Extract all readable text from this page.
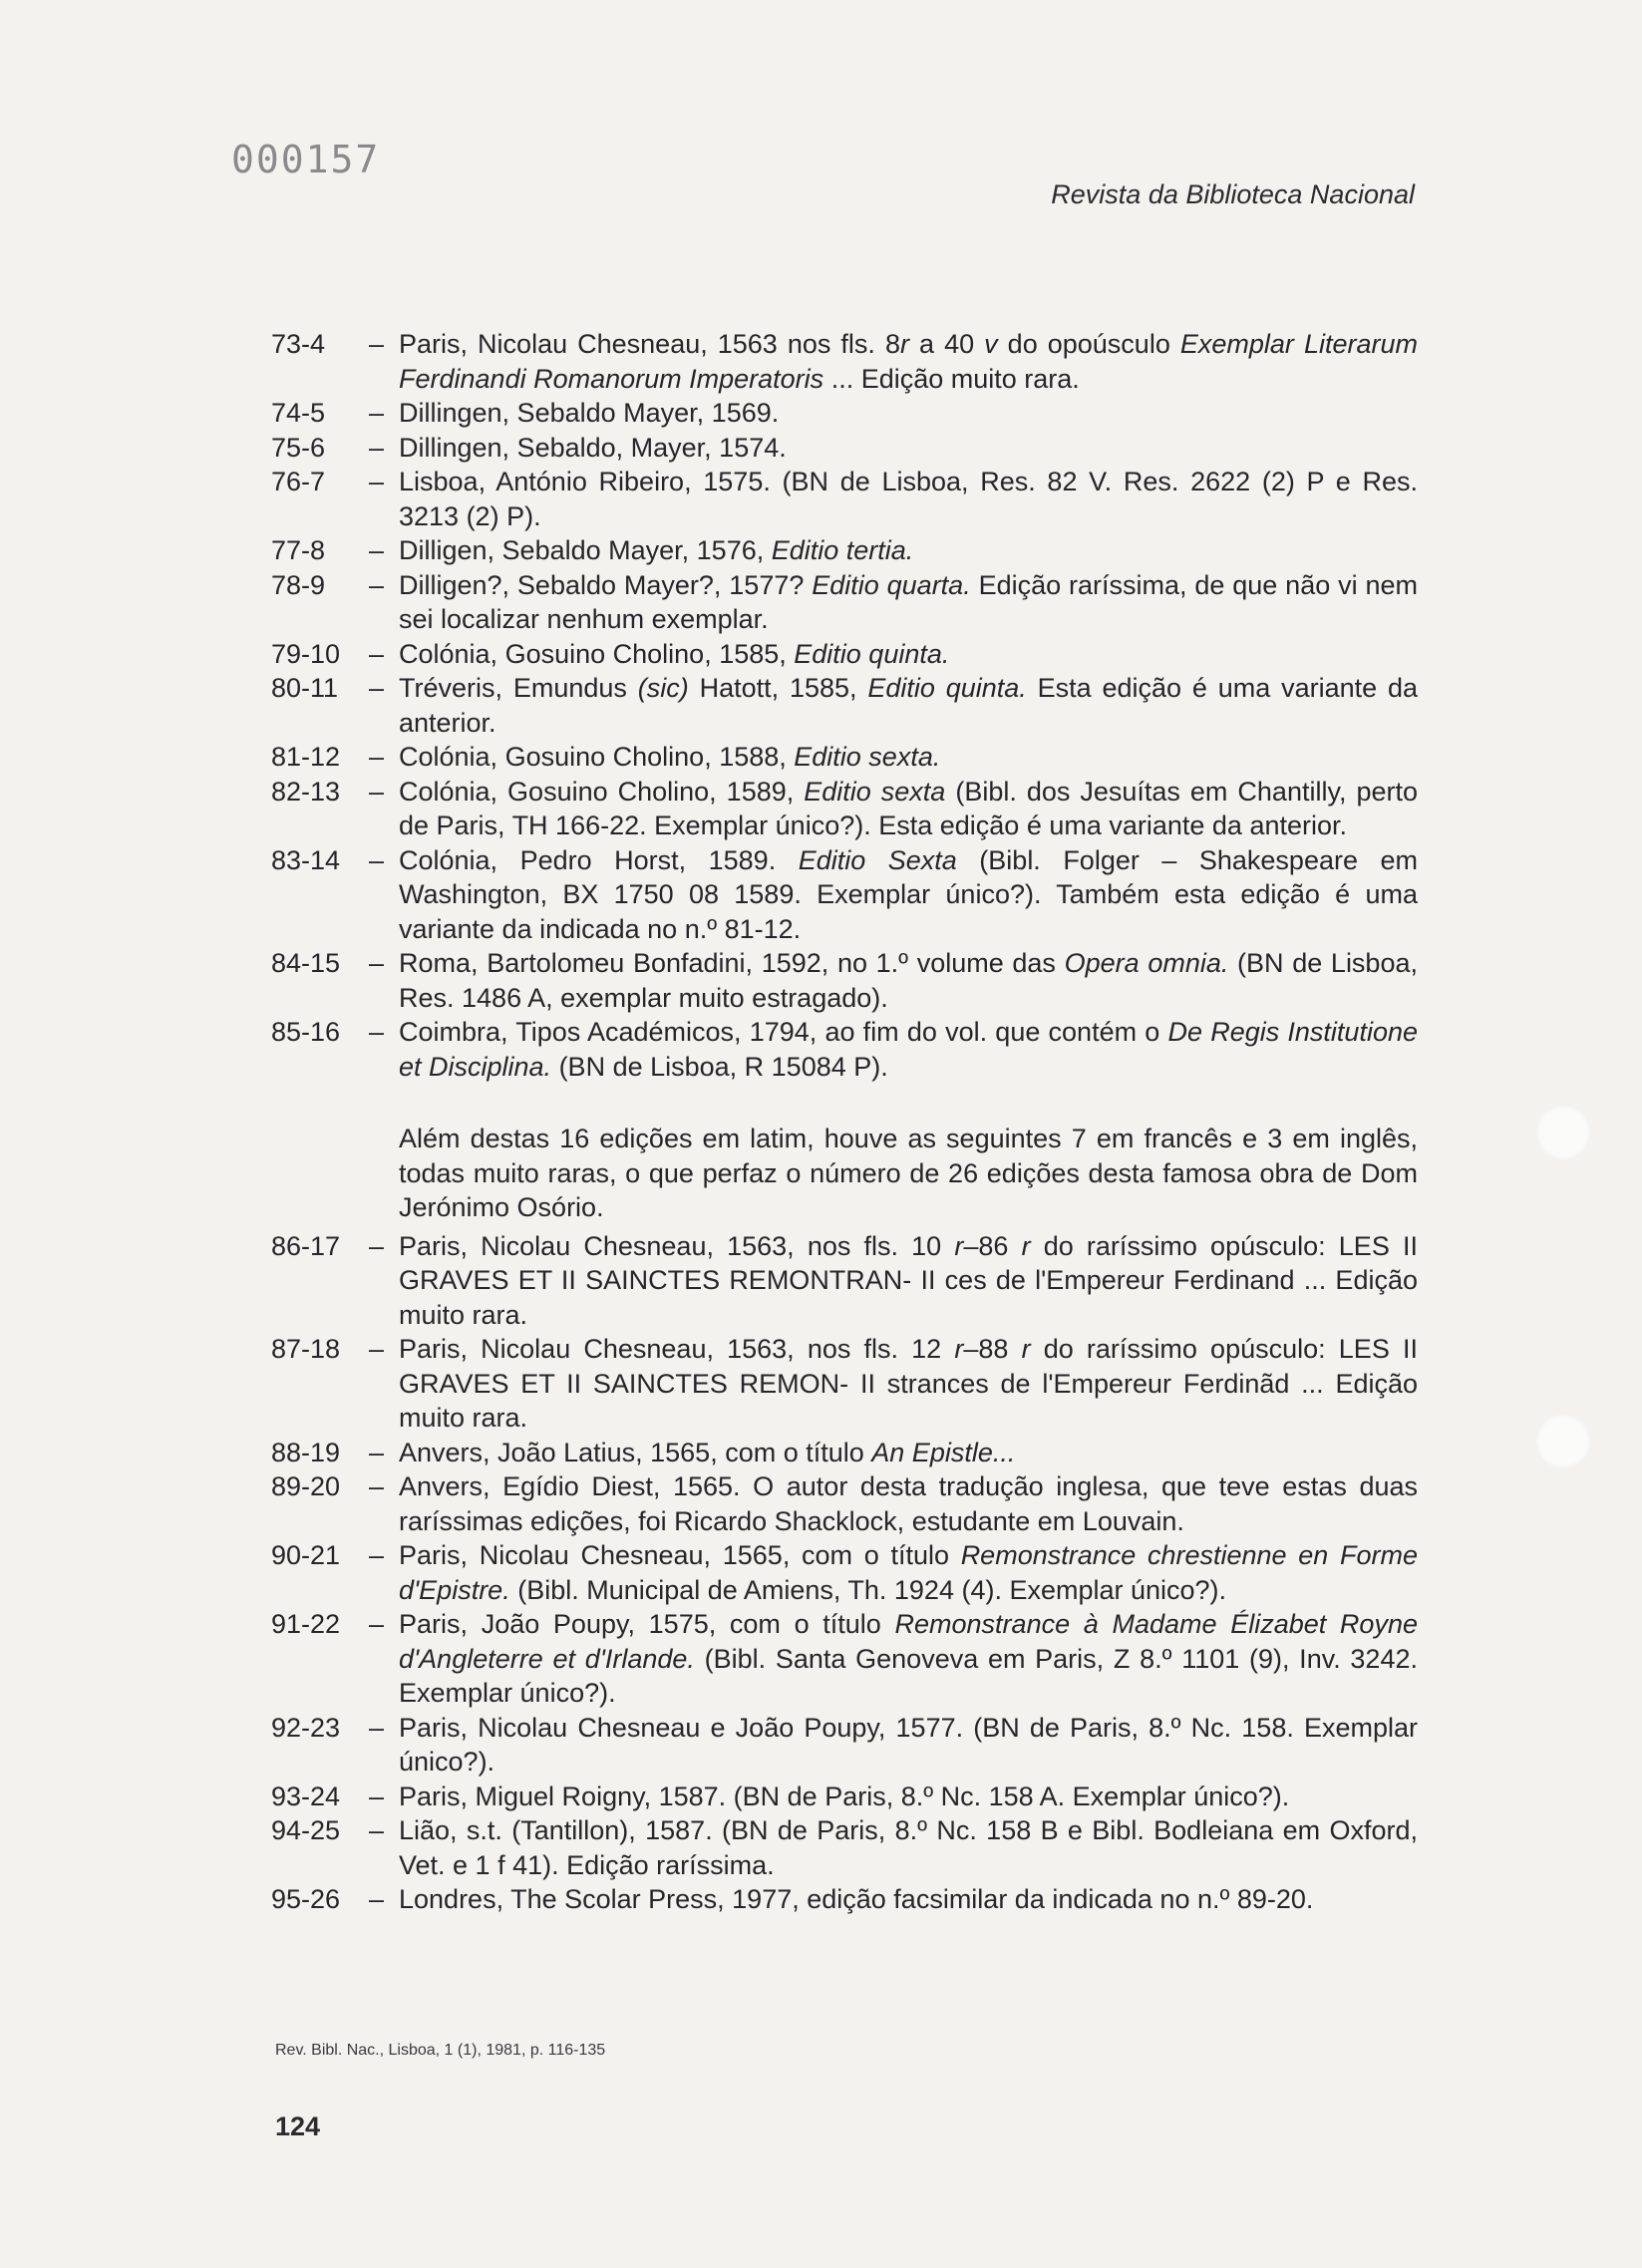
000157
Revista da Biblioteca Nacional
73-4	– Paris, Nicolau Chesneau, 1563 nos fls. 8r a 40 v do opoúsculo Exemplar Literarum Ferdinandi Romanorum Imperatoris ... Edição muito rara.
74-5	– Dillingen, Sebaldo Mayer, 1569.
75-6	– Dillingen, Sebaldo, Mayer, 1574.
76-7	– Lisboa, António Ribeiro, 1575. (BN de Lisboa, Res. 82 V. Res. 2622 (2) P e Res. 3213 (2) P).
77-8	– Dilligen, Sebaldo Mayer, 1576, Editio tertia.
78-9	– Dilligen?, Sebaldo Mayer?, 1577? Editio quarta. Edição raríssima, de que não vi nem sei localizar nenhum exemplar.
79-10	– Colónia, Gosuino Cholino, 1585, Editio quinta.
80-11	– Tréveris, Emundus (sic) Hatott, 1585, Editio quinta. Esta edição é uma variante da anterior.
81-12	– Colónia, Gosuino Cholino, 1588, Editio sexta.
82-13	– Colónia, Gosuino Cholino, 1589, Editio sexta (Bibl. dos Jesuítas em Chantilly, perto de Paris, TH 166-22. Exemplar único?). Esta edição é uma variante da anterior.
83-14	– Colónia, Pedro Horst, 1589. Editio Sexta (Bibl. Folger – Shakespeare em Washington, BX 1750 08 1589. Exemplar único?). Também esta edição é uma variante da indicada no n.º 81-12.
84-15	– Roma, Bartolomeu Bonfadini, 1592, no 1.º volume das Opera omnia. (BN de Lisboa, Res. 1486 A, exemplar muito estragado).
85-16	– Coimbra, Tipos Académicos, 1794, ao fim do vol. que contém o De Regis Institutione et Disciplina. (BN de Lisboa, R 15084 P).
Além destas 16 edições em latim, houve as seguintes 7 em francês e 3 em inglês, todas muito raras, o que perfaz o número de 26 edições desta famosa obra de Dom Jerónimo Osório.
86-17	– Paris, Nicolau Chesneau, 1563, nos fls. 10 r–86 r do raríssimo opúsculo: LES II GRAVES ET II SAINCTES REMONTRAN- II ces de l'Empereur Ferdinand ... Edição muito rara.
87-18	– Paris, Nicolau Chesneau, 1563, nos fls. 12 r–88 r do raríssimo opúsculo: LES II GRAVES ET II SAINCTES REMON- II strances de l'Empereur Ferdinãd ... Edição muito rara.
88-19	– Anvers, João Latius, 1565, com o título An Epistle...
89-20	– Anvers, Egídio Diest, 1565. O autor desta tradução inglesa, que teve estas duas raríssimas edições, foi Ricardo Shacklock, estudante em Louvain.
90-21	– Paris, Nicolau Chesneau, 1565, com o título Remonstrance chrestienne en Forme d'Epistre. (Bibl. Municipal de Amiens, Th. 1924 (4). Exemplar único?).
91-22	– Paris, João Poupy, 1575, com o título Remonstrance à Madame Élizabet Royne d'Angleterre et d'Irlande. (Bibl. Santa Genoveva em Paris, Z 8.º 1101 (9), Inv. 3242. Exemplar único?).
92-23	– Paris, Nicolau Chesneau e João Poupy, 1577. (BN de Paris, 8.º Nc. 158. Exemplar único?).
93-24	– Paris, Miguel Roigny, 1587. (BN de Paris, 8.º Nc. 158 A. Exemplar único?).
94-25	– Lião, s.t. (Tantillon), 1587. (BN de Paris, 8.º Nc. 158 B e Bibl. Bodleiana em Oxford, Vet. e 1 f 41). Edição raríssima.
95-26	– Londres, The Scolar Press, 1977, edição facsimilar da indicada no n.º 89-20.
Rev. Bibl. Nac., Lisboa, 1 (1), 1981, p. 116-135
124
